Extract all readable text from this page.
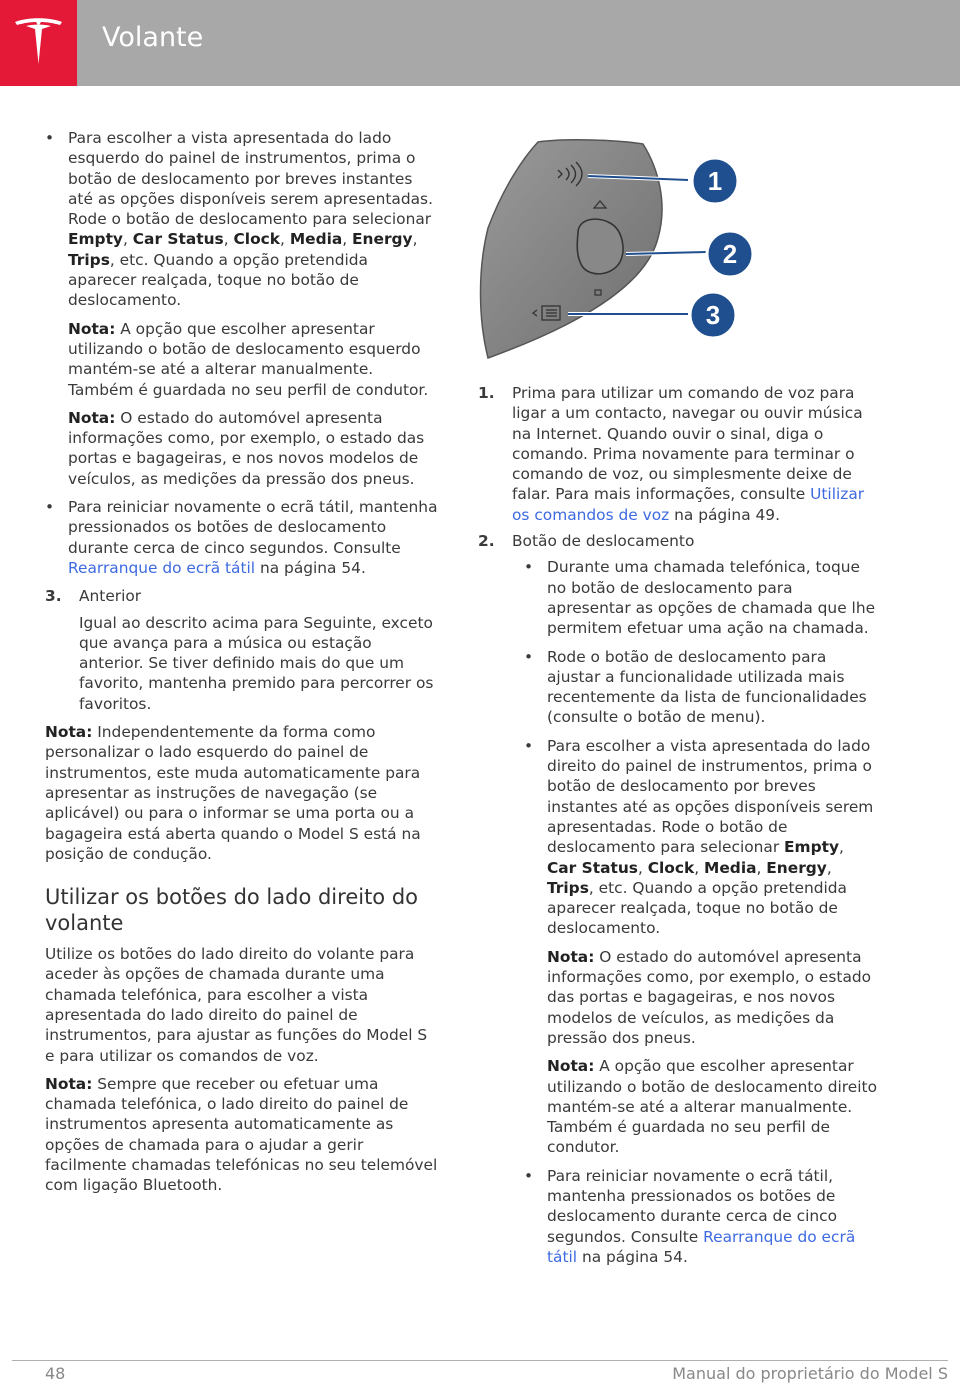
Volante
• Para escolher a vista apresentada do lado esquerdo do painel de instrumentos, prima o botão de deslocamento por breves instantes até as opções disponíveis serem apresentadas. Rode o botão de deslocamento para selecionar Empty, Car Status, Clock, Media, Energy, Trips, etc. Quando a opção pretendida aparecer realçada, toque no botão de deslocamento.

Nota: A opção que escolher apresentar utilizando o botão de deslocamento esquerdo mantém-se até a alterar manualmente. Também é guardada no seu perfil de condutor.

Nota: O estado do automóvel apresenta informações como, por exemplo, o estado das portas e bagageiras, e nos novos modelos de veículos, as medições da pressão dos pneus.

• Para reiniciar novamente o ecrã tátil, mantenha pressionados os botões de deslocamento durante cerca de cinco segundos. Consulte Rearranque do ecrã tátil na página 54.
3. Anterior

Igual ao descrito acima para Seguinte, exceto que avança para a música ou estação anterior. Se tiver definido mais do que um favorito, mantenha premido para percorrer os favoritos.

Nota: Independentemente da forma como personalizar o lado esquerdo do painel de instrumentos, este muda automaticamente para apresentar as instruções de navegação (se aplicável) ou para o informar se uma porta ou a bagageira está aberta quando o Model S está na posição de condução.

Utilizar os botões do lado direito do volante

Utilize os botões do lado direito do volante para aceder às opções de chamada durante uma chamada telefónica, para escolher a vista apresentada do lado direito do painel de instrumentos, para ajustar as funções do Model S e para utilizar os comandos de voz.

Nota: Sempre que receber ou efetuar uma chamada telefónica, o lado direito do painel de instrumentos apresenta automaticamente as opções de chamada para o ajudar a gerir facilmente chamadas telefónicas no seu telemóvel com ligação Bluetooth.

1
2
3
1. Prima para utilizar um comando de voz para ligar a um contacto, navegar ou ouvir música na Internet. Quando ouvir o sinal, diga o comando. Prima novamente para terminar o comando de voz, ou simplesmente deixe de falar. Para mais informações, consulte Utilizar os comandos de voz na página 49.
2. Botão de deslocamento
• Durante uma chamada telefónica, toque no botão de deslocamento para apresentar as opções de chamada que lhe permitem efetuar uma ação na chamada.
• Rode o botão de deslocamento para ajustar a funcionalidade utilizada mais recentemente da lista de funcionalidades (consulte o botão de menu).
• Para escolher a vista apresentada do lado direito do painel de instrumentos, prima o botão de deslocamento por breves instantes até as opções disponíveis serem apresentadas. Rode o botão de deslocamento para selecionar Empty, Car Status, Clock, Media, Energy, Trips, etc. Quando a opção pretendida aparecer realçada, toque no botão de deslocamento.

Nota: O estado do automóvel apresenta informações como, por exemplo, o estado das portas e bagageiras, e nos novos modelos de veículos, as medições da pressão dos pneus.

Nota: A opção que escolher apresentar utilizando o botão de deslocamento direito mantém-se até a alterar manualmente. Também é guardada no seu perfil de condutor.

• Para reiniciar novamente o ecrã tátil, mantenha pressionados os botões de deslocamento durante cerca de cinco segundos. Consulte Rearranque do ecrã tátil na página 54.
48	Manual do proprietário do Model S
